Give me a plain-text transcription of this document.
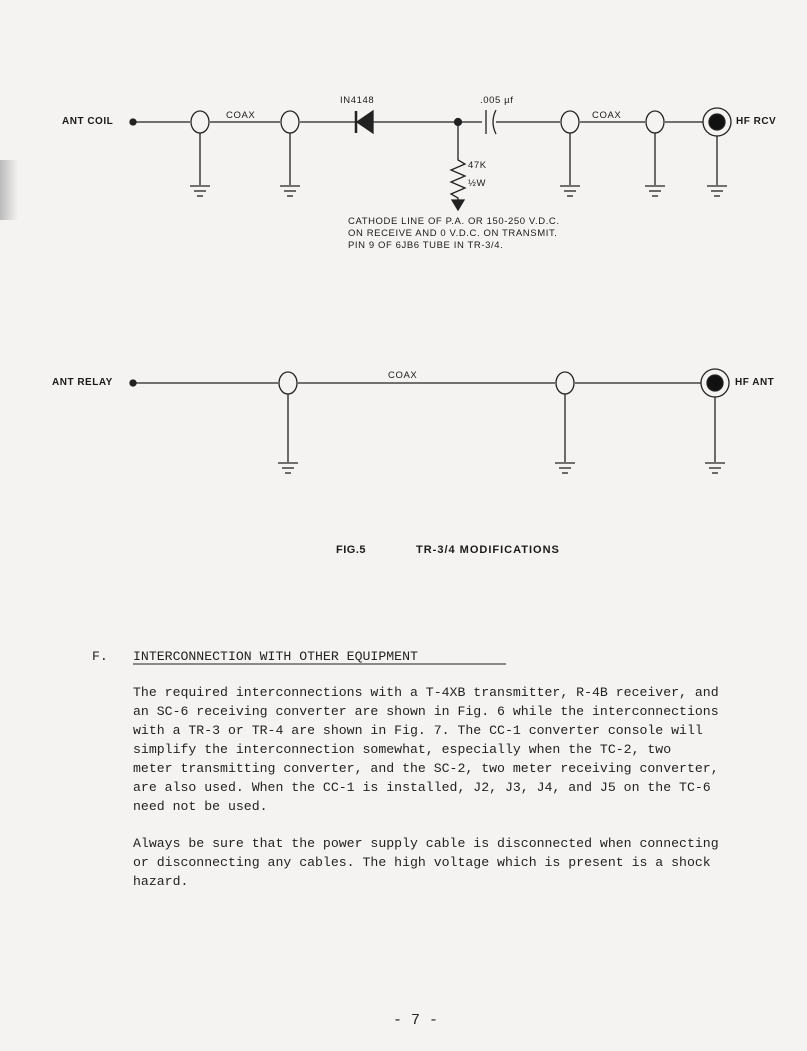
ANT COIL
COAX
IN4148	.005 µf
COAX
HF RCV
47K
½W
CATHODE LINE OF P.A. OR 150-250 V.D.C.
ON RECEIVE AND 0 V.D.C. ON TRANSMIT.
PIN 9 OF 6JB6 TUBE IN TR-3/4.
ANT RELAY
COAX
HF ANT
FIG.5	TR-3/4 MODIFICATIONS
F. INTERCONNECTION WITH OTHER EQUIPMENT
The required interconnections with a T-4XB transmitter, R-4B receiver, and
an SC-6 receiving converter are shown in Fig. 6 while the interconnections
with a TR-3 or TR-4 are shown in Fig. 7. The CC-1 converter console will
simplify the interconnection somewhat, especially when the TC-2, two
meter transmitting converter, and the SC-2, two meter receiving converter,
are also used. When the CC-1 is installed, J2, J3, J4, and J5 on the TC-6
need not be used.
Always be sure that the power supply cable is disconnected when connecting
or disconnecting any cables. The high voltage which is present is a shock
hazard.
- 7 -
